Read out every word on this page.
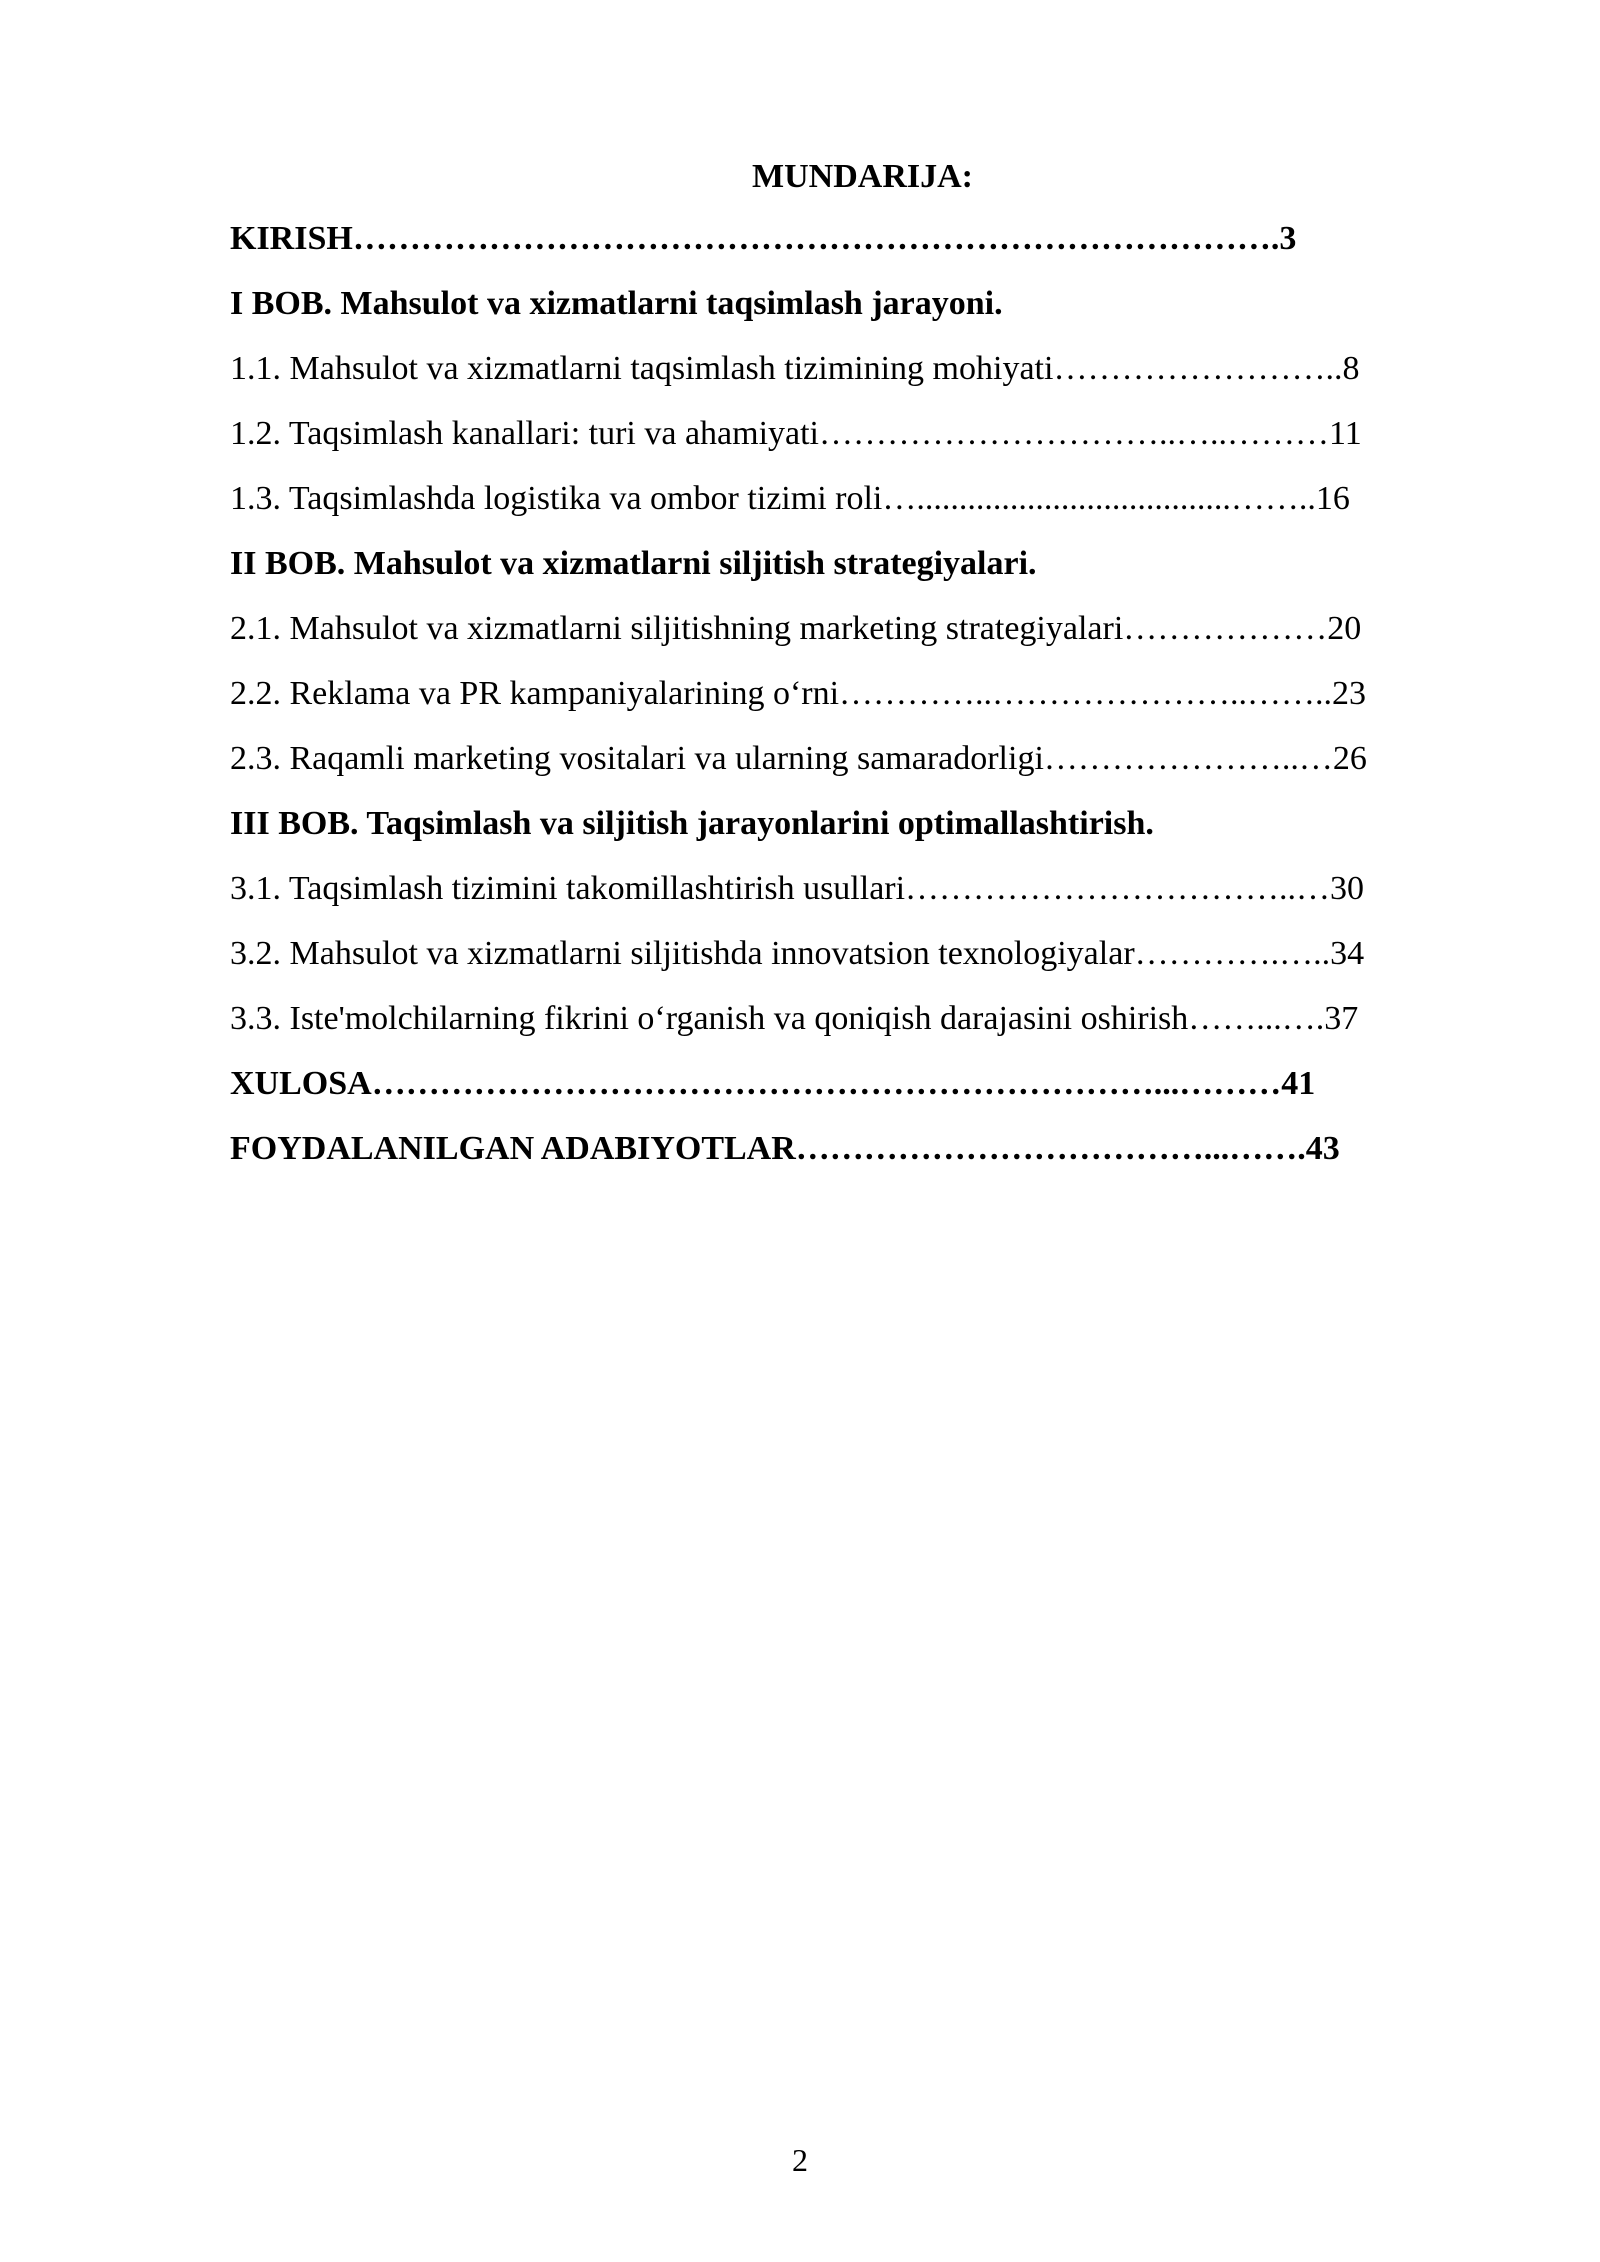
MUNDARIJA:

KIRISH……………………………………………………………………….3

I BOB. Mahsulot va xizmatlarni taqsimlash jarayoni.

1.1. Mahsulot va xizmatlarni taqsimlash tizimining mohiyati……………………..8

1.2. Taqsimlash kanallari: turi va ahamiyati…………………………..…..………11

1.3. Taqsimlashda logistika va ombor tizimi roli….....................................……..16

II BOB. Mahsulot va xizmatlarni siljitish strategiyalari.

2.1. Mahsulot va xizmatlarni siljitishning marketing strategiyalari………………20

2.2. Reklama va PR kampaniyalarining o‘rni…………..…………………..……..23

2.3. Raqamli marketing vositalari va ularning samaradorligi…………………..…26

III BOB. Taqsimlash va siljitish jarayonlarini optimallashtirish.

3.1. Taqsimlash tizimini takomillashtirish usullari……………………………..…30

3.2. Mahsulot va xizmatlarni siljitishda innovatsion texnologiyalar………….…..34

3.3. Iste'molchilarning fikrini o‘rganish va qoniqish darajasini oshirish……...….37

XULOSA……………………………………………………………...………41

FOYDALANILGAN ADABIYOTLAR………………………………...…….43

2
